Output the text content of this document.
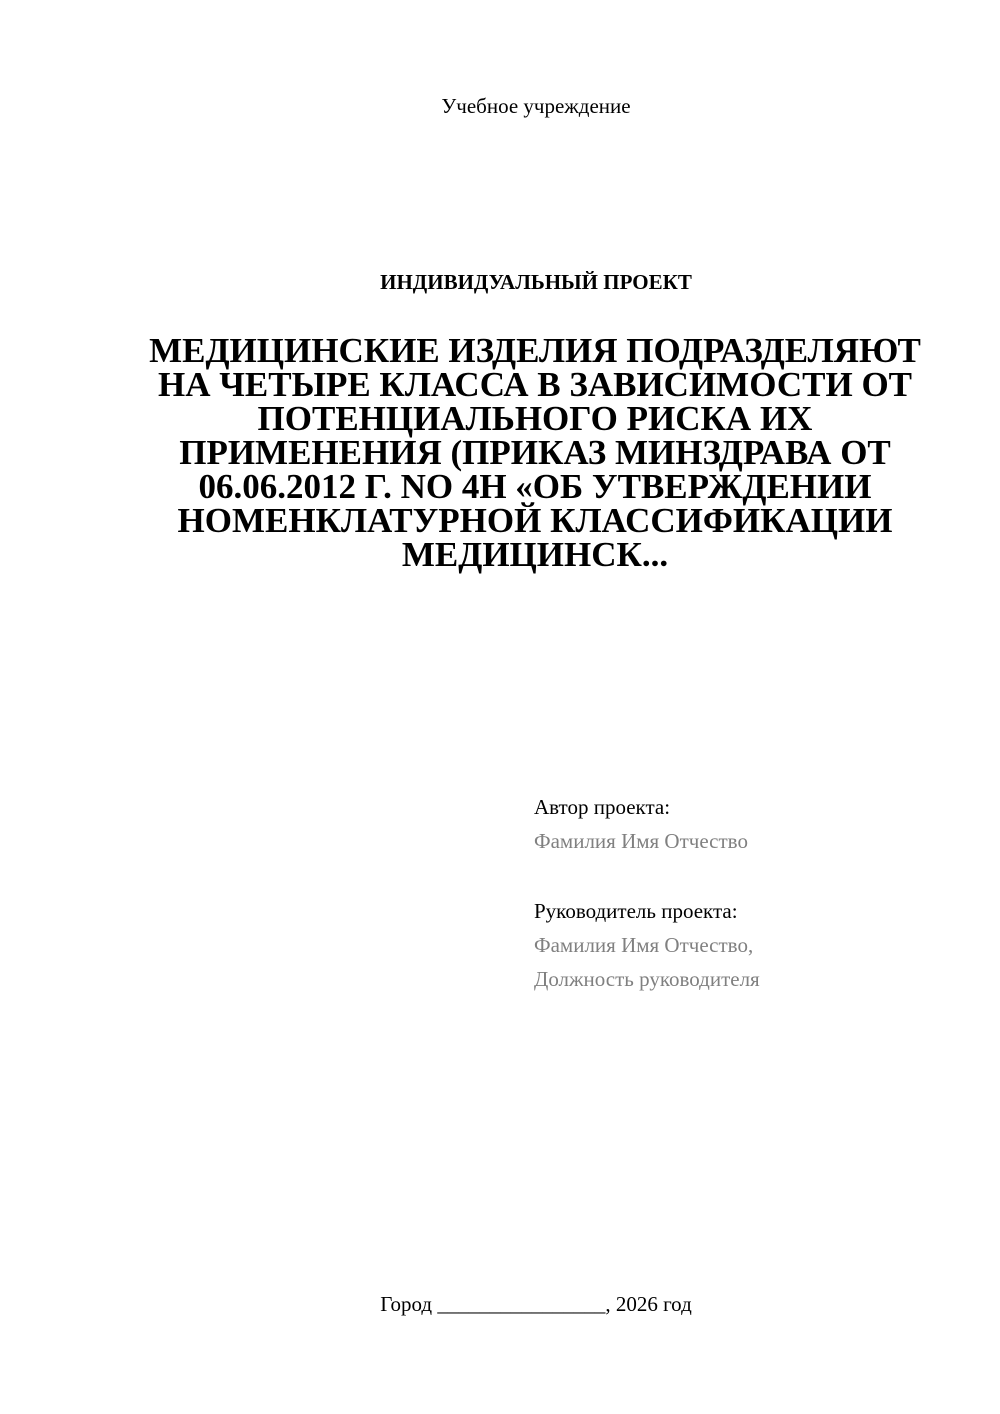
Учебное учреждение
ИНДИВИДУАЛЬНЫЙ ПРОЕКТ
МЕДИЦИНСКИЕ ИЗДЕЛИЯ ПОДРАЗДЕЛЯЮТ НА ЧЕТЫРЕ КЛАССА В ЗАВИСИМОСТИ ОТ ПОТЕНЦИАЛЬНОГО РИСКА ИХ ПРИМЕНЕНИЯ (ПРИКАЗ МИНЗДРАВА ОТ 06.06.2012 Г. NO 4Н «ОБ УТВЕРЖДЕНИИ НОМЕНКЛАТУРНОЙ КЛАССИФИКАЦИИ МЕДИЦИНСК...
Автор проекта:
Фамилия Имя Отчество
Руководитель проекта:
Фамилия Имя Отчество,
Должность руководителя
Город ________________, 2026 год
